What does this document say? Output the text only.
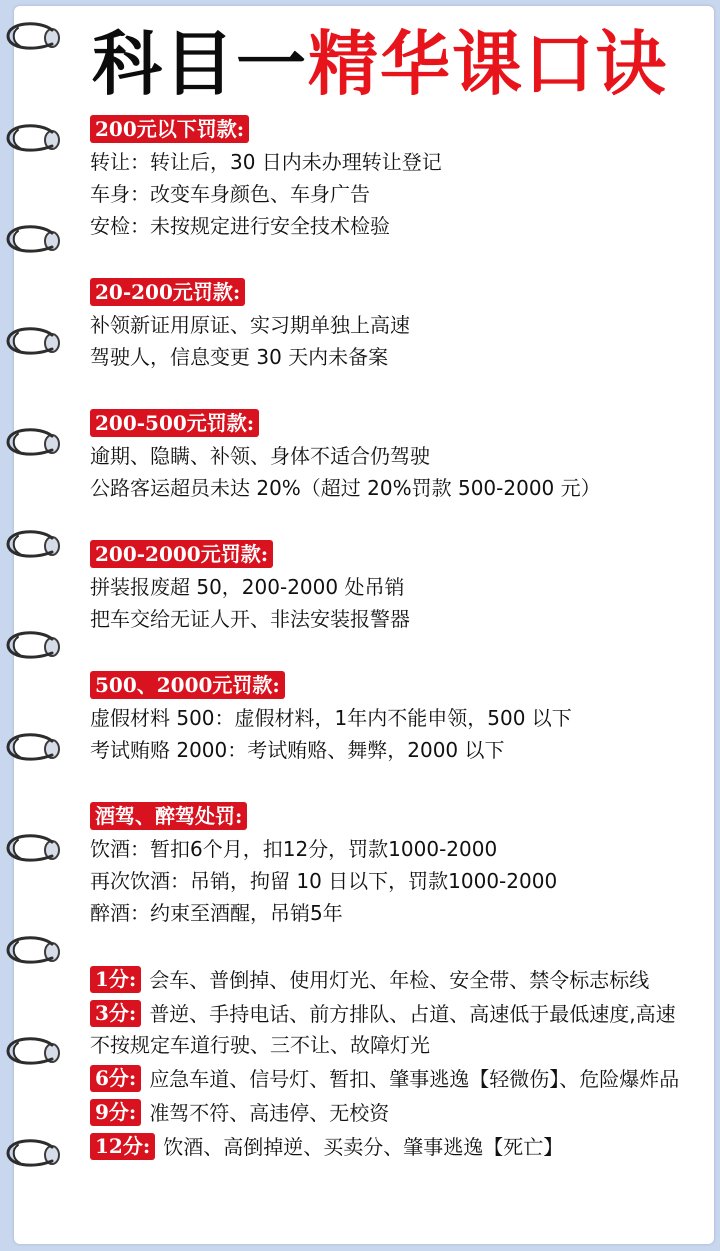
科目一精华课口诀
200元以下罚款:
转让：转让后，30 日内未办理转让登记
车身：改变车身颜色、车身广告
安检：未按规定进行安全技术检验
20-200元罚款:
补领新证用原证、实习期单独上高速
驾驶人，信息变更 30 天内未备案
200-500元罚款:
逾期、隐瞒、补领、身体不适合仍驾驶
公路客运超员未达 20%（超过 20%罚款 500-2000 元）
200-2000元罚款:
拼装报废超 50，200-2000 处吊销
把车交给无证人开、非法安装报警器
500、2000元罚款:
虚假材料 500：虚假材料，1年内不能申领，500 以下
考试贿赂 2000：考试贿赂、舞弊，2000 以下
酒驾、醉驾处罚:
饮酒：暂扣6个月，扣12分，罚款1000-2000
再次饮酒：吊销，拘留 10 日以下，罚款1000-2000
醉酒：约束至酒醒，吊销5年
1分: 会车、普倒掉、使用灯光、年检、安全带、禁令标志标线
3分: 普逆、手持电话、前方排队、占道、高速低于最低速度,高速不按规定车道行驶、三不让、故障灯光
6分: 应急车道、信号灯、暂扣、肇事逃逸【轻微伤】、危险爆炸品
9分: 准驾不符、高违停、无校资
12分: 饮酒、高倒掉逆、买卖分、肇事逃逸【死亡】
